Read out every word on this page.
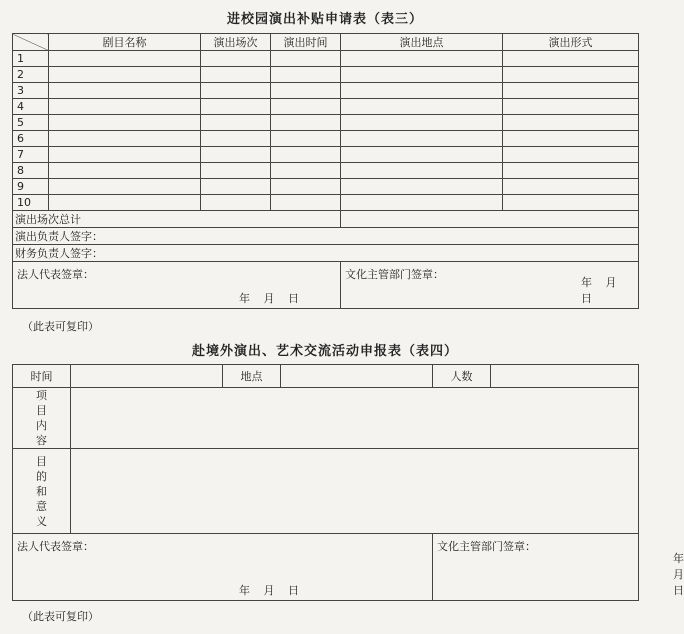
进校园演出补贴申请表（表三）
	剧目名称	演出场次	演出时间	演出地点	演出形式
1					
2					
3					
4					
5					
6					
7					
8					
9					
10					
演出场次总计					
演出负责人签字：					
财务负责人签字：					
法人代表签章：
年 月 日				文化主管部门签章：
年 月 日	
（此表可复印）
赴境外演出、艺术交流活动申报表（表四）
时间		地点		人数	

项目内容					

目的和意义					

法人代表签章：
年 月 日				文化主管部门签章：
年 月 日	
（此表可复印）
